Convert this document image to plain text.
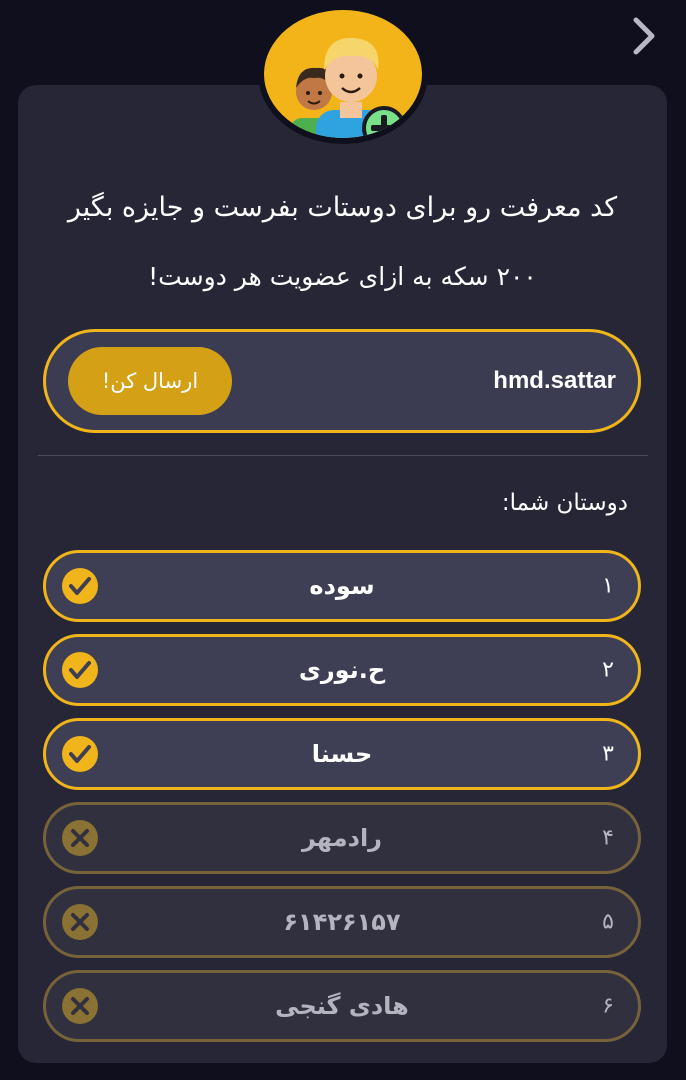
کد معرفت رو برای دوستات بفرست و جایزه بگیر
۲۰۰ سکه به ازای عضویت هر دوست!
hmd.sattar
ارسال کن!
دوستان شما:
۱
سوده
۲
ح.نوری
۳
حسنا
۴
رادمهر
۵
۶۱۴۲۶۱۵۷
۶
هادی گنجی
